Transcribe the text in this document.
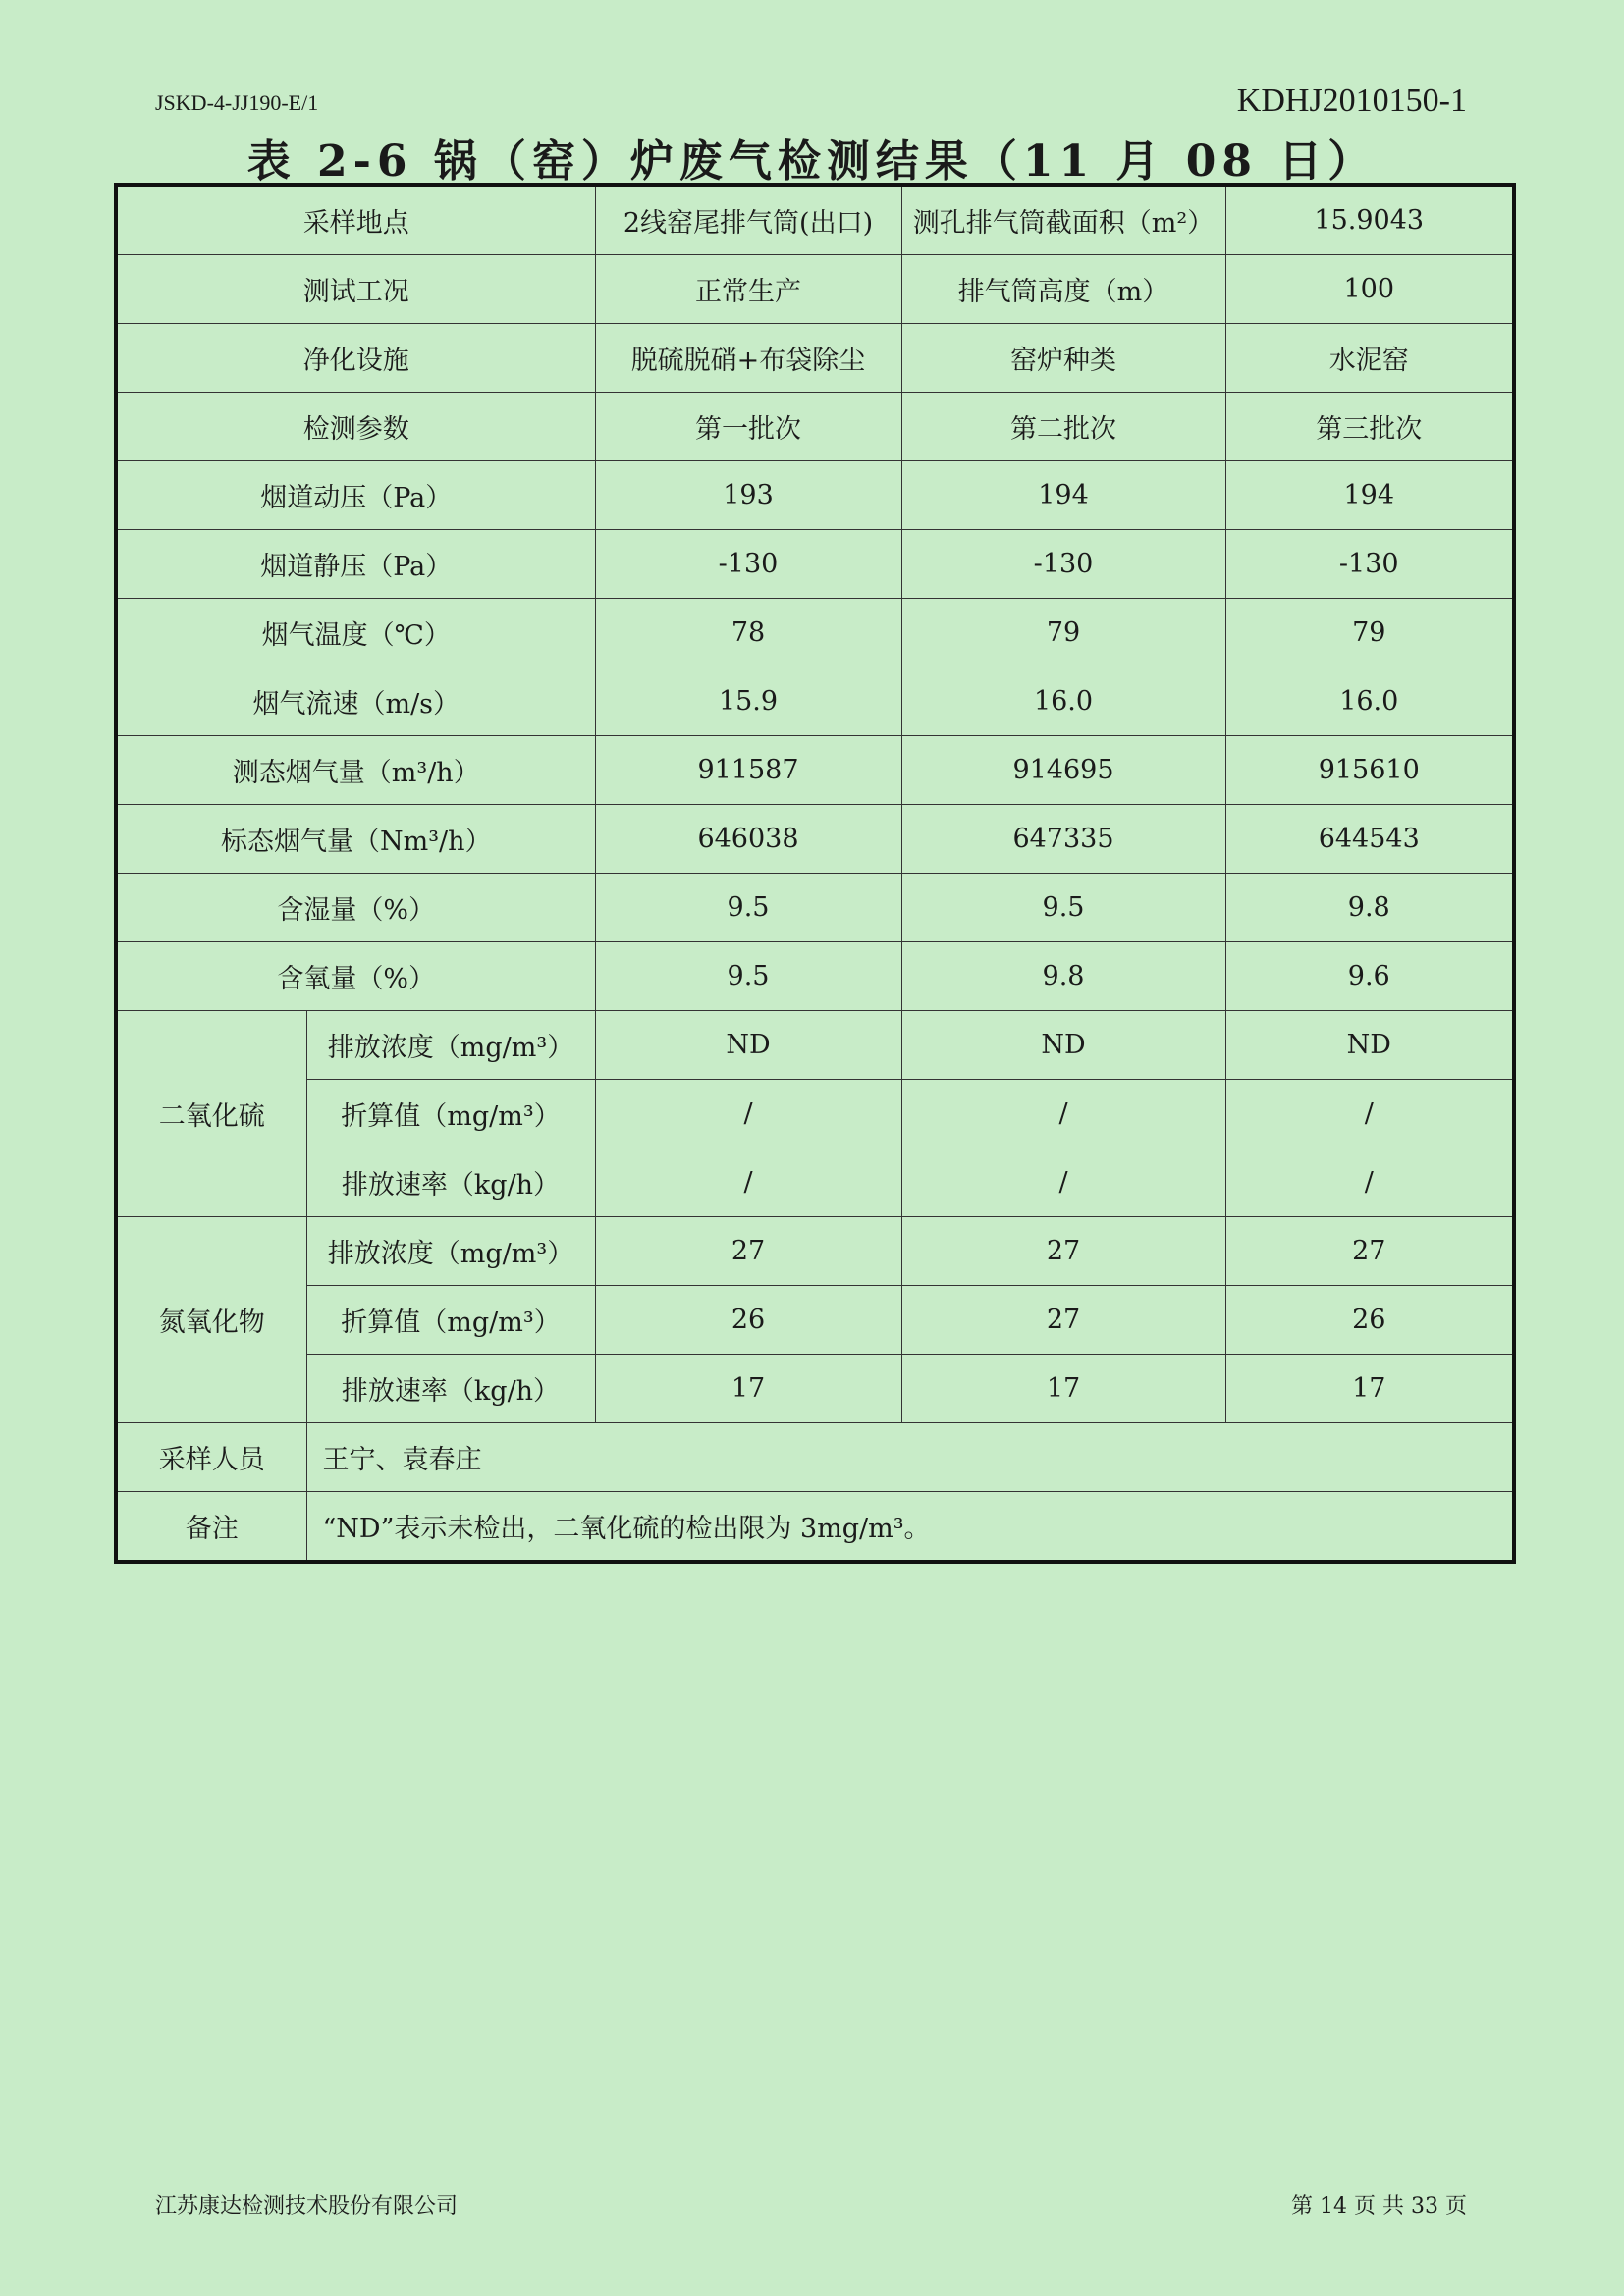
JSKD-4-JJ190-E/1	KDHJ2010150-1
表 2-6 锅（窑）炉废气检测结果（11 月 08 日）
采样地点		2线窑尾排气筒(出口)	测孔排气筒截面积（m²）	15.9043
测试工况		正常生产	排气筒高度（m）	100
净化设施		脱硫脱硝+布袋除尘	窑炉种类	水泥窑
检测参数		第一批次	第二批次	第三批次
烟道动压（Pa）		193	194	194
烟道静压（Pa）		-130	-130	-130
烟气温度（℃）		78	79	79
烟气流速（m/s）		15.9	16.0	16.0
测态烟气量（m³/h）		911587	914695	915610
标态烟气量（Nm³/h）		646038	647335	644543
含湿量（%）		9.5	9.5	9.8
含氧量（%）		9.5	9.8	9.6
二氧化硫	排放浓度（mg/m³）	ND	ND	ND
	折算值（mg/m³）	/	/	/
	排放速率（kg/h）	/	/	/
氮氧化物	排放浓度（mg/m³）	27	27	27
	折算值（mg/m³）	26	27	26
	排放速率（kg/h）	17	17	17
采样人员	王宁、袁春庄			
备注	“ND”表示未检出，二氧化硫的检出限为 3mg/m³。			
江苏康达检测技术股份有限公司	第 14 页 共 33 页
